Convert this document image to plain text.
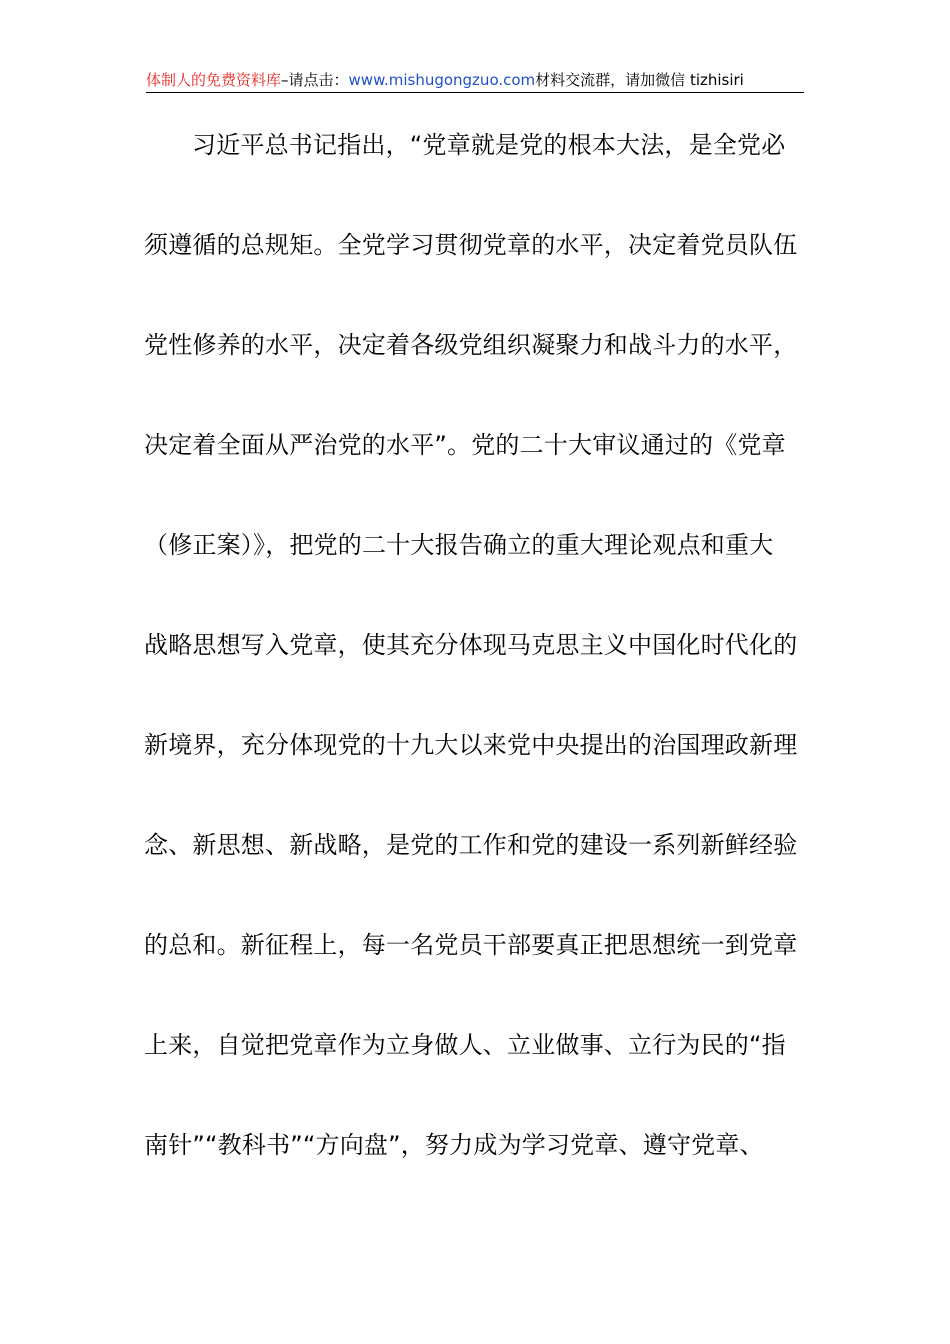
体制人的免费资料库–请点击：www.mishugongzuo.com材料交流群，请加微信 tizhisiri
习近平总书记指出，“党章就是党的根本大法，是全党必
须遵循的总规矩。全党学习贯彻党章的水平，决定着党员队伍
党性修养的水平，决定着各级党组织凝聚力和战斗力的水平，
决定着全面从严治党的水平”。党的二十大审议通过的《党章
（修正案）》，把党的二十大报告确立的重大理论观点和重大
战略思想写入党章，使其充分体现马克思主义中国化时代化的
新境界，充分体现党的十九大以来党中央提出的治国理政新理
念、新思想、新战略，是党的工作和党的建设一系列新鲜经验
的总和。新征程上，每一名党员干部要真正把思想统一到党章
上来，自觉把党章作为立身做人、立业做事、立行为民的“指
南针”“教科书”“方向盘”，努力成为学习党章、遵守党章、
